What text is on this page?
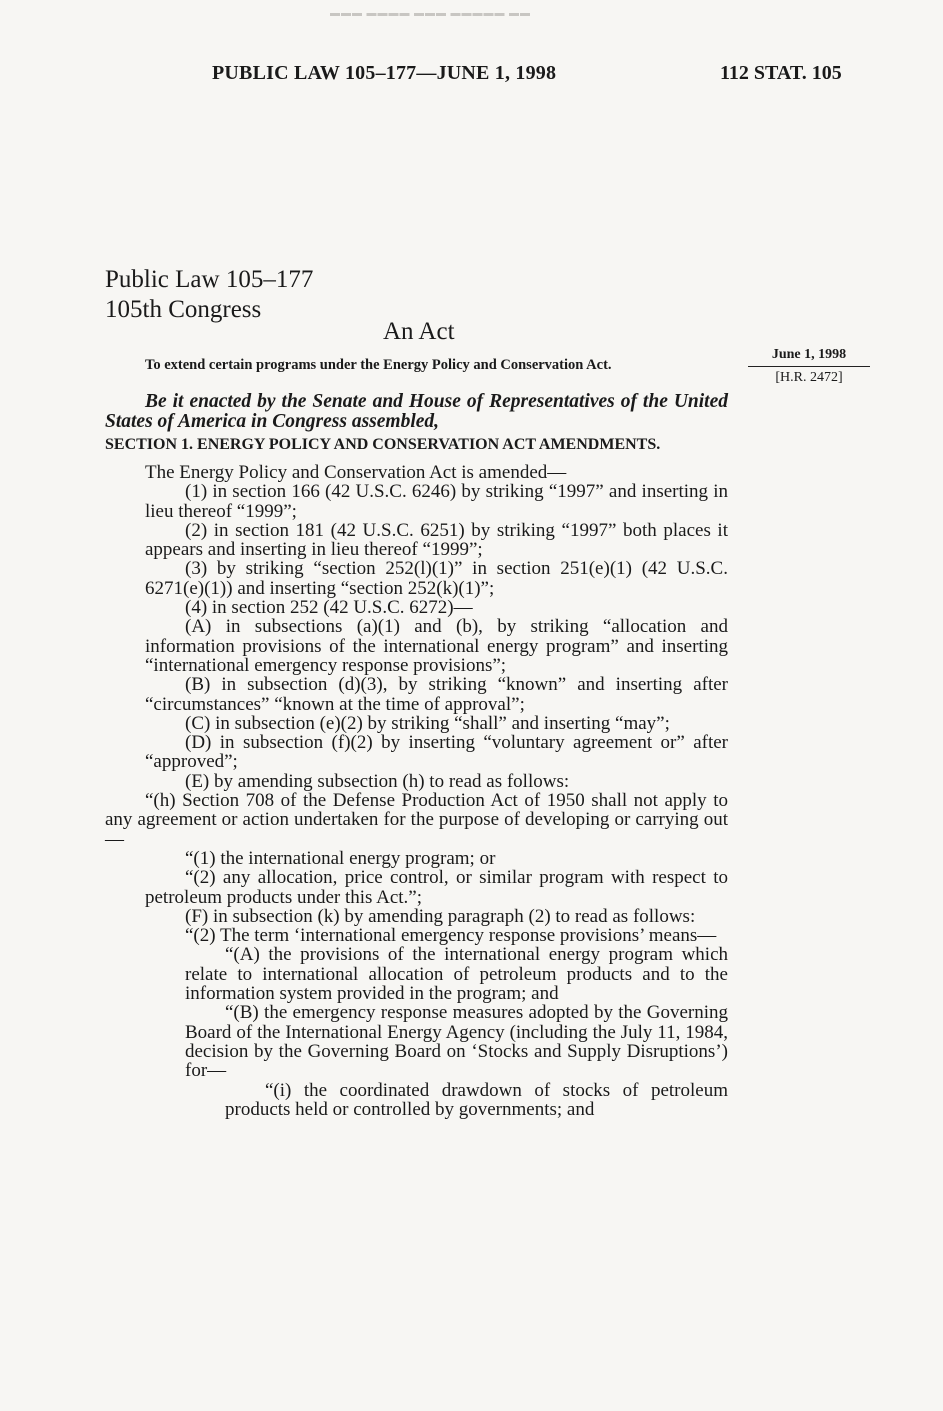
▬▬▬ ▬▬▬▬ ▬▬▬ ▬▬▬▬▬ ▬▬
PUBLIC LAW 105–177—JUNE 1, 1998	112 STAT. 105
Public Law 105–177
105th Congress
An Act
To extend certain programs under the Energy Policy and Conservation Act.
June 1, 1998
[H.R. 2472]
Be it enacted by the Senate and House of Representatives of the United States of America in Congress assembled,
SECTION 1. ENERGY POLICY AND CONSERVATION ACT AMENDMENTS.

The Energy Policy and Conservation Act is amended—

(1) in section 166 (42 U.S.C. 6246) by striking “1997” and inserting in lieu thereof “1999”;

(2) in section 181 (42 U.S.C. 6251) by striking “1997” both places it appears and inserting in lieu thereof “1999”;

(3) by striking “section 252(l)(1)” in section 251(e)(1) (42 U.S.C. 6271(e)(1)) and inserting “section 252(k)(1)”;

(4) in section 252 (42 U.S.C. 6272)—

(A) in subsections (a)(1) and (b), by striking “allocation and information provisions of the international energy program” and inserting “international emergency response provisions”;

(B) in subsection (d)(3), by striking “known” and inserting after “circumstances” “known at the time of approval”;

(C) in subsection (e)(2) by striking “shall” and inserting “may”;

(D) in subsection (f)(2) by inserting “voluntary agreement or” after “approved”;

(E) by amending subsection (h) to read as follows:

“(h) Section 708 of the Defense Production Act of 1950 shall not apply to any agreement or action undertaken for the purpose of developing or carrying out—

“(1) the international energy program; or

“(2) any allocation, price control, or similar program with respect to petroleum products under this Act.”;

(F) in subsection (k) by amending paragraph (2) to read as follows:

“(2) The term ‘international emergency response provisions’ means—

“(A) the provisions of the international energy program which relate to international allocation of petroleum products and to the information system provided in the program; and

“(B) the emergency response measures adopted by the Governing Board of the International Energy Agency (including the July 11, 1984, decision by the Governing Board on ‘Stocks and Supply Disruptions’) for—

“(i) the coordinated drawdown of stocks of petroleum products held or controlled by governments; and
